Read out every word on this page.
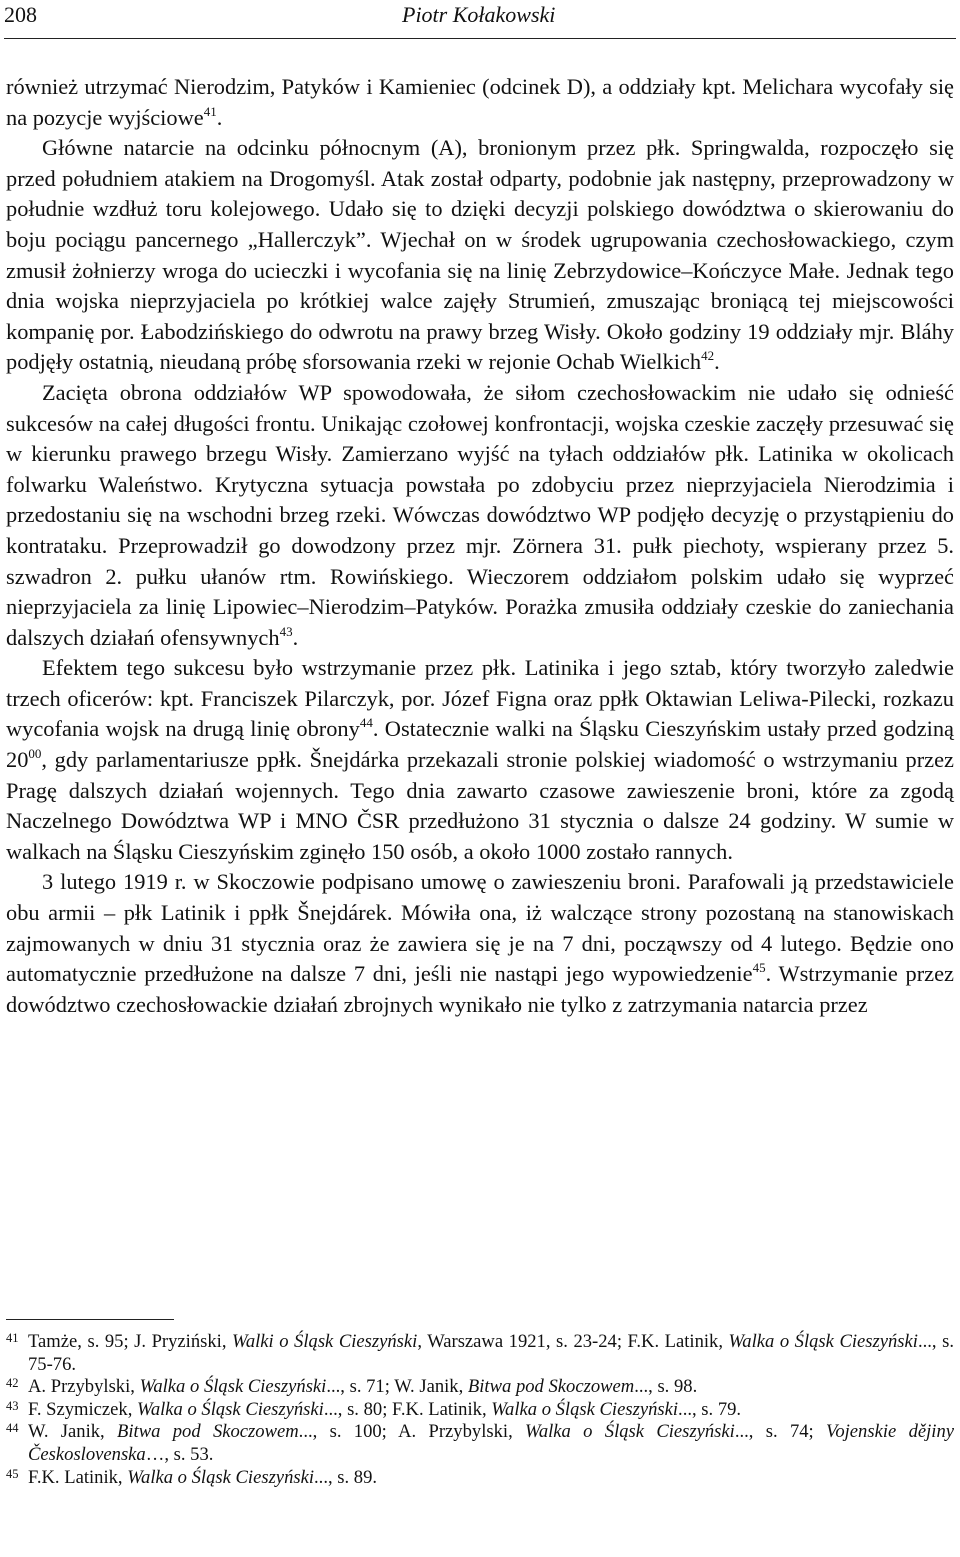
208	Piotr Kołakowski

również utrzymać Nierodzim, Patyków i Kamieniec (odcinek D), a oddziały kpt. Melichara wycofały się na pozycje wyjściowe$^{41}$.

Główne natarcie na odcinku północnym (A), bronionym przez płk. Springwalda, rozpoczęło się przed południem atakiem na Drogomyśl. Atak został odparty, podobnie jak następny, przeprowadzony w południe wzdłuż toru kolejowego. Udało się to dzięki decyzji polskiego dowództwa o skierowaniu do boju pociągu pancernego „Hallerczyk”. Wjechał on w środek ugrupowania czechosłowackiego, czym zmusił żołnierzy wroga do ucieczki i wycofania się na linię Zebrzydowice–Kończyce Małe. Jednak tego dnia wojska nieprzyjaciela po krótkiej walce zajęły Strumień, zmuszając broniącą tej miejscowości kompanię por. Łabodzińskiego do odwrotu na prawy brzeg Wisły. Około godziny 19 oddziały mjr. Bláhy podjęły ostatnią, nieudaną próbę sforsowania rzeki w rejonie Ochab Wielkich$^{42}$.

Zacięta obrona oddziałów WP spowodowała, że siłom czechosłowackim nie udało się odnieść sukcesów na całej długości frontu. Unikając czołowej konfrontacji, wojska czeskie zaczęły przesuwać się w kierunku prawego brzegu Wisły. Zamierzano wyjść na tyłach oddziałów płk. Latinika w okolicach folwarku Waleństwo. Krytyczna sytuacja powstała po zdobyciu przez nieprzyjaciela Nierodzimia i przedostaniu się na wschodni brzeg rzeki. Wówczas dowództwo WP podjęło decyzję o przystąpieniu do kontrataku. Przeprowadził go dowodzony przez mjr. Zörnera 31. pułk piechoty, wspierany przez 5. szwadron 2. pułku ułanów rtm. Rowińskiego. Wieczorem oddziałom polskim udało się wyprzeć nieprzyjaciela za linię Lipowiec–Nierodzim–Patyków. Porażka zmusiła oddziały czeskie do zaniechania dalszych działań ofensywnych$^{43}$.

Efektem tego sukcesu było wstrzymanie przez płk. Latinika i jego sztab, który tworzyło zaledwie trzech oficerów: kpt. Franciszek Pilarczyk, por. Józef Figna oraz ppłk Oktawian Leliwa-Pilecki, rozkazu wycofania wojsk na drugą linię obrony$^{44}$. Ostatecznie walki na Śląsku Cieszyńskim ustały przed godziną $20^{00}$, gdy parlamentariusze ppłk. Šnejdárka przekazali stronie polskiej wiadomość o wstrzymaniu przez Pragę dalszych działań wojennych. Tego dnia zawarto czasowe zawieszenie broni, które za zgodą Naczelnego Dowództwa WP i MNO ČSR przedłużono 31 stycznia o dalsze 24 godziny. W sumie w walkach na Śląsku Cieszyńskim zginęło 150 osób, a około 1000 zostało rannych.

3 lutego 1919 r. w Skoczowie podpisano umowę o zawieszeniu broni. Parafowali ją przedstawiciele obu armii – płk Latinik i ppłk Šnejdárek. Mówiła ona, iż walczące strony pozostaną na stanowiskach zajmowanych w dniu 31 stycznia oraz że zawiera się je na 7 dni, począwszy od 4 lutego. Będzie ono automatycznie przedłużone na dalsze 7 dni, jeśli nie nastąpi jego wypowiedzenie$^{45}$. Wstrzymanie przez dowództwo czechosłowackie działań zbrojnych wynikało nie tylko z zatrzymania natarcia przez

41 Tamże, s. 95; J. Pryziński, Walki o Śląsk Cieszyński, Warszawa 1921, s. 23-24; F.K. Latinik, Walka o Śląsk Cieszyński..., s. 75-76.
42 A. Przybylski, Walka o Śląsk Cieszyński..., s. 71; W. Janik, Bitwa pod Skoczowem..., s. 98.
43 F. Szymiczek, Walka o Śląsk Cieszyński..., s. 80; F.K. Latinik, Walka o Śląsk Cieszyński..., s. 79.
44 W. Janik, Bitwa pod Skoczowem..., s. 100; A. Przybylski, Walka o Śląsk Cieszyński..., s. 74; Vojenskie dějiny Československa…, s. 53.
45 F.K. Latinik, Walka o Śląsk Cieszyński..., s. 89.
